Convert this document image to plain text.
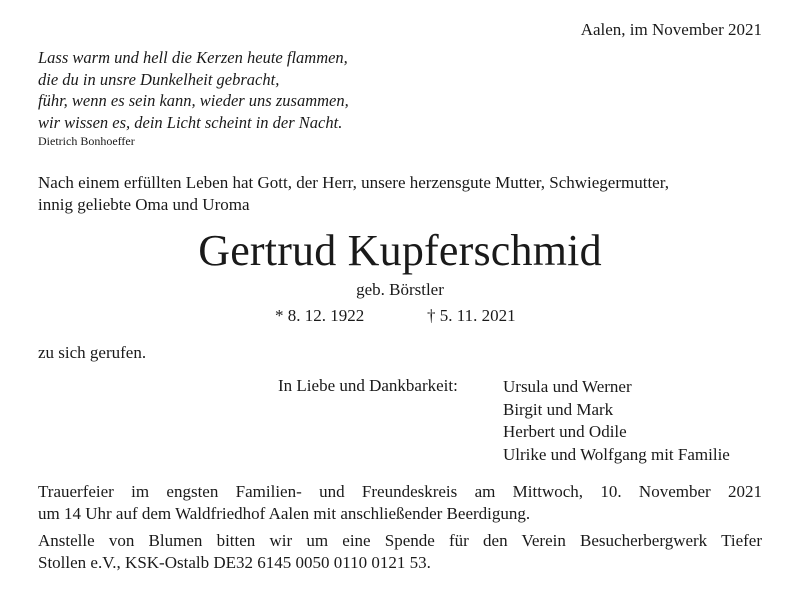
Aalen, im November 2021
Lass warm und hell die Kerzen heute flammen,
die du in unsre Dunkelheit gebracht,
führ, wenn es sein kann, wieder uns zusammen,
wir wissen es, dein Licht scheint in der Nacht.
Dietrich Bonhoeffer
Nach einem erfüllten Leben hat Gott, der Herr, unsere herzensgute Mutter, Schwiegermutter,
innig geliebte Oma und Uroma
Gertrud Kupferschmid
geb. Börstler
* 8. 12. 1922	† 5. 11. 2021
zu sich gerufen.
In Liebe und Dankbarkeit:	Ursula und Werner
Birgit und Mark
Herbert und Odile
Ulrike und Wolfgang mit Familie
Trauerfeier im engsten Familien- und Freundeskreis am Mittwoch, 10. November 2021
um 14 Uhr auf dem Waldfriedhof Aalen mit anschließender Beerdigung.
Anstelle von Blumen bitten wir um eine Spende für den Verein Besucherbergwerk Tiefer
Stollen e.V., KSK-Ostalb DE32 6145 0050 0110 0121 53.
